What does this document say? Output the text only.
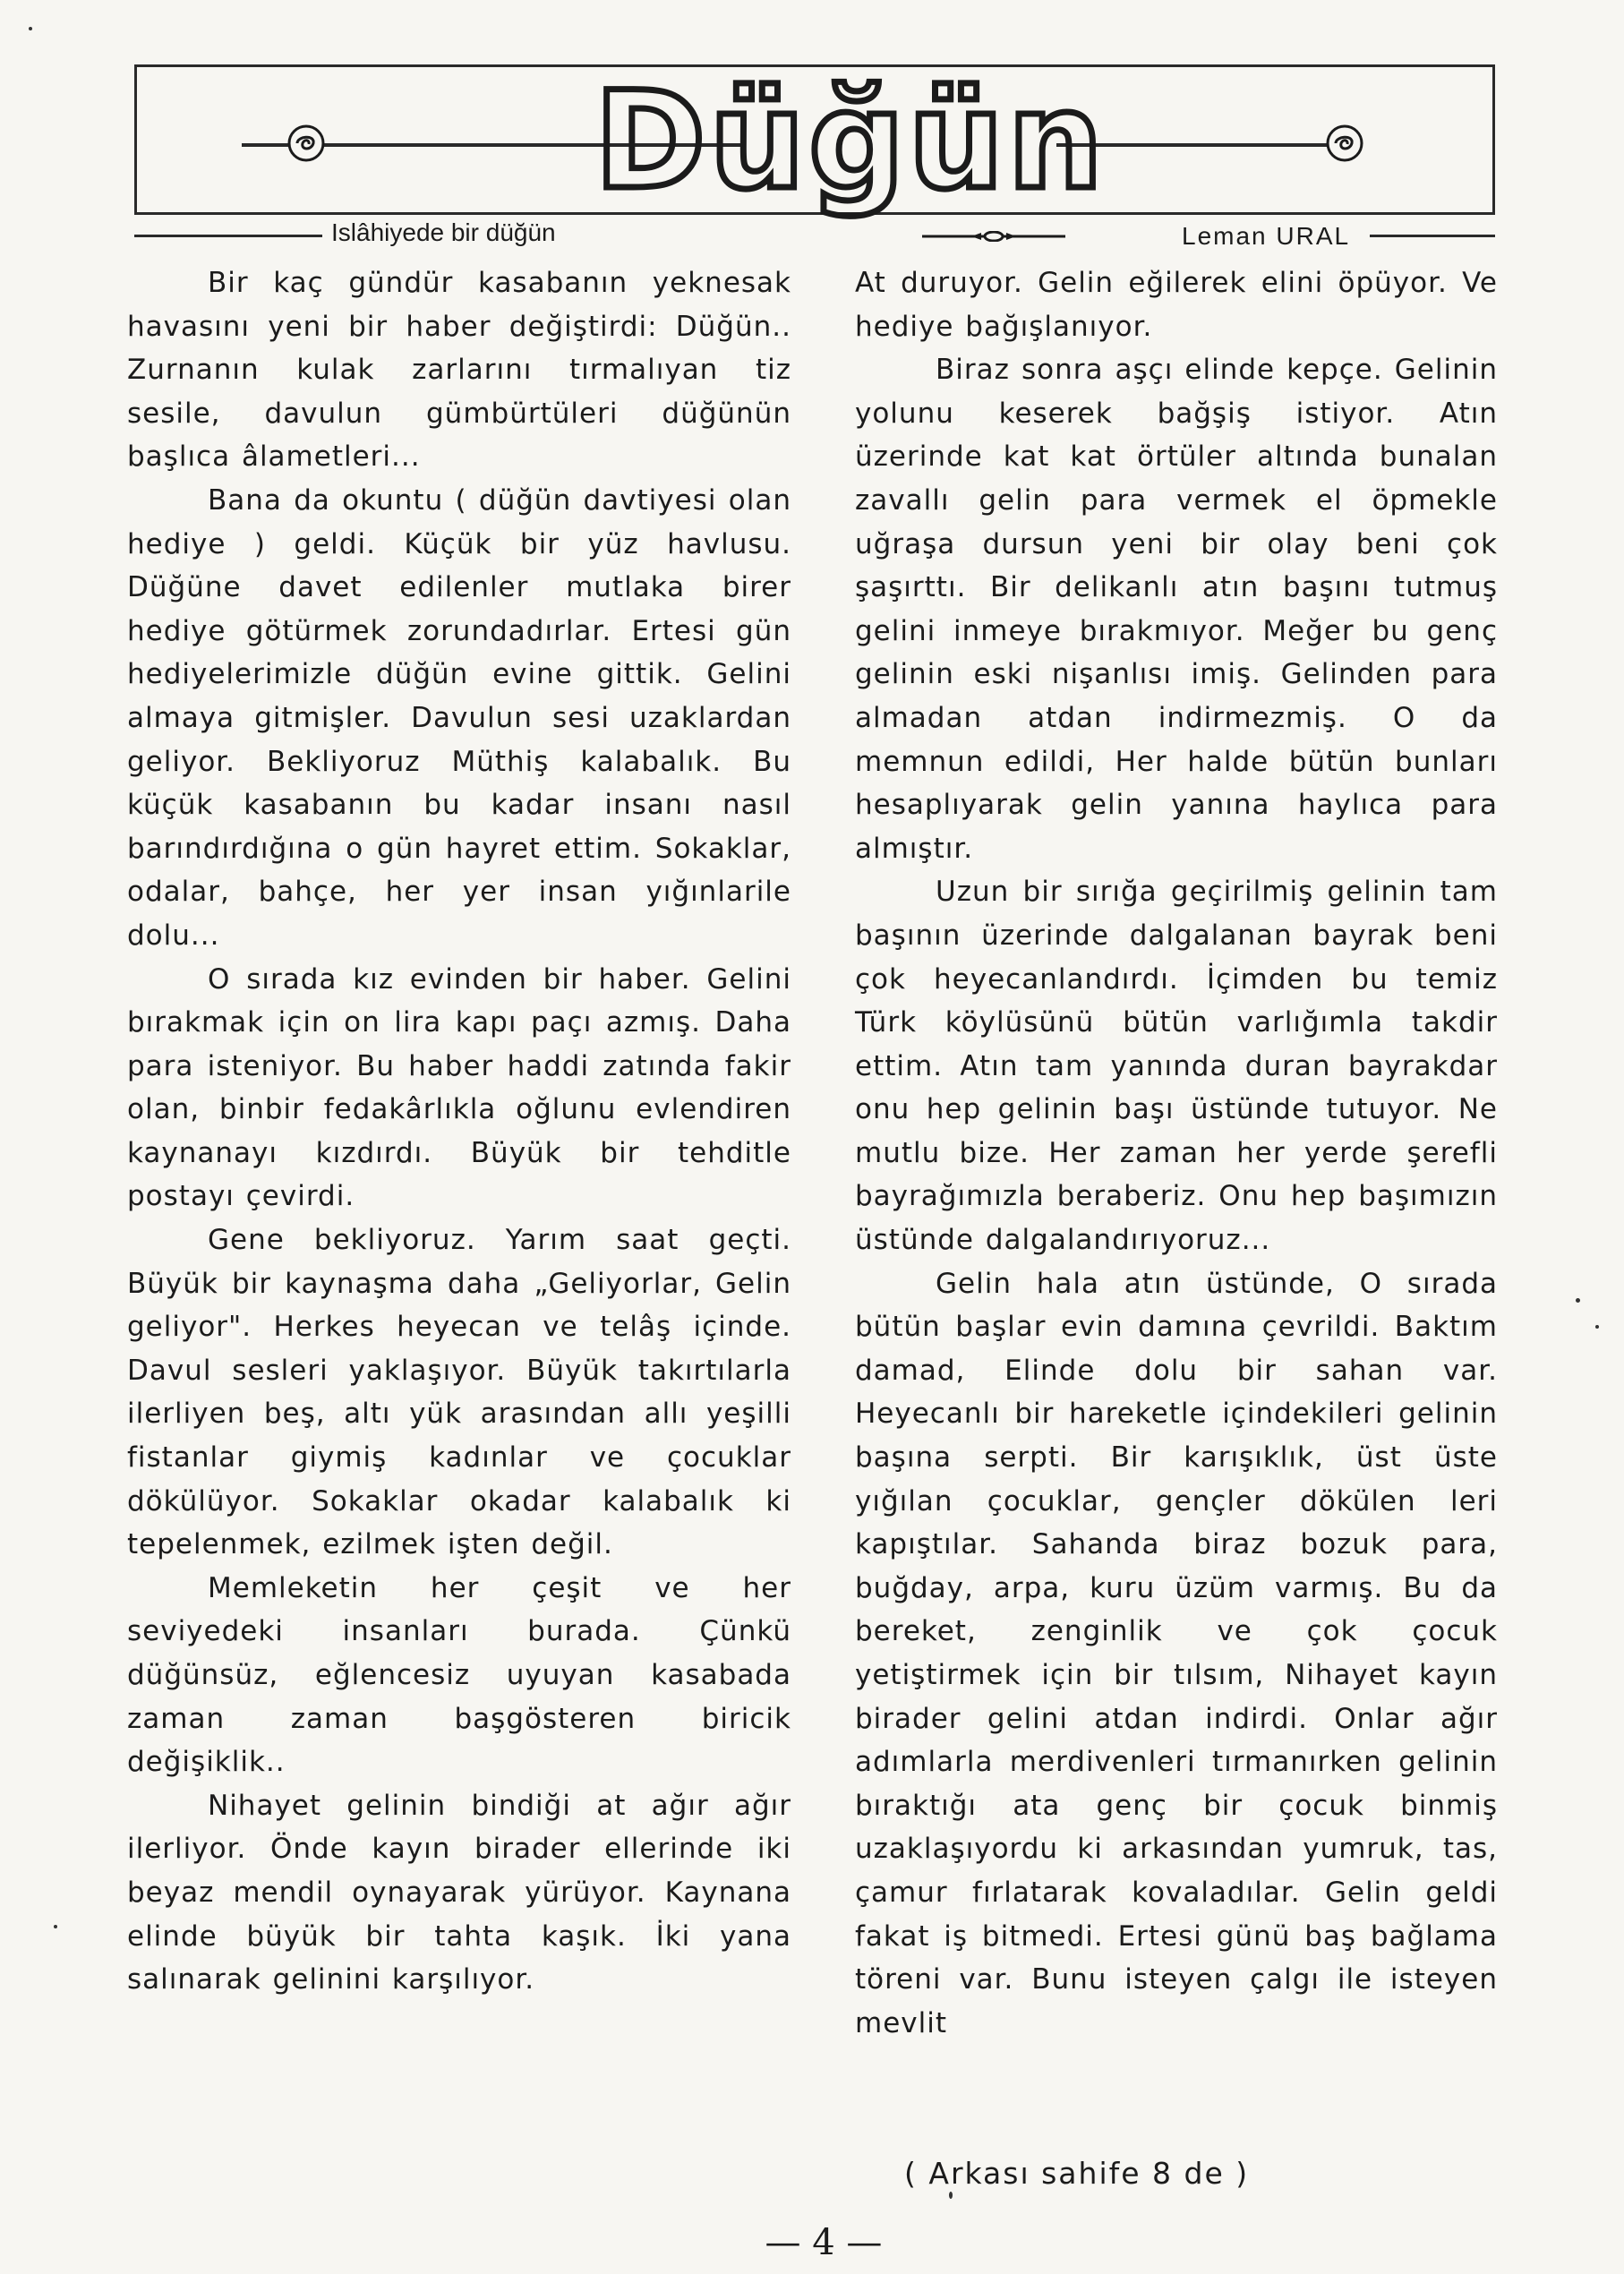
Düğün
Islâhiyede bir düğün	Leman URAL

Bir kaç gündür kasabanın yeknesak havasını yeni bir haber değiştirdi: Düğün.. Zurnanın kulak zarlarını tırmalıyan tiz sesile, davulun gümbürtüleri düğünün başlıca âlametleri...

Bana da okuntu ( düğün davtiyesi olan hediye ) geldi. Küçük bir yüz havlusu. Düğüne davet edilenler mutlaka birer hediye götürmek zorundadırlar. Ertesi gün hediyelerimizle düğün evine gittik. Gelini almaya gitmişler. Davulun sesi uzaklardan geliyor. Bekliyoruz Müthiş kalabalık. Bu küçük kasabanın bu kadar insanı nasıl barındırdığına o gün hayret ettim. Sokaklar, odalar, bahçe, her yer insan yığınlarile dolu...

O sırada kız evinden bir haber. Gelini bırakmak için on lira kapı paçı azmış. Daha para isteniyor. Bu haber haddi zatında fakir olan, binbir fedakârlıkla oğlunu evlendiren kaynanayı kızdırdı. Büyük bir tehditle postayı çevirdi.

Gene bekliyoruz. Yarım saat geçti. Büyük bir kaynaşma daha „Geliyorlar, Gelin geliyor". Herkes heyecan ve telâş içinde. Davul sesleri yaklaşıyor. Büyük takırtılarla ilerliyen beş, altı yük arasından allı yeşilli fistanlar giymiş kadınlar ve çocuklar dökülüyor. Sokaklar okadar kalabalık ki tepelenmek, ezilmek işten değil.

Memleketin her çeşit ve her seviyedeki insanları burada. Çünkü düğünsüz, eğlencesiz uyuyan kasabada zaman zaman başgösteren biricik değişiklik..

Nihayet gelinin bindiği at ağır ağır ilerliyor. Önde kayın birader ellerinde iki beyaz mendil oynayarak yürüyor. Kaynana elinde büyük bir tahta kaşık. İki yana salınarak gelinini karşılıyor.

At duruyor. Gelin eğilerek elini öpüyor. Ve hediye bağışlanıyor.

Biraz sonra aşçı elinde kepçe. Gelinin yolunu keserek bağşiş istiyor. Atın üzerinde kat kat örtüler altında bunalan zavallı gelin para vermek el öpmekle uğraşa dursun yeni bir olay beni çok şaşırttı. Bir delikanlı atın başını tutmuş gelini inmeye bırakmıyor. Meğer bu genç gelinin eski nişanlısı imiş. Gelinden para almadan atdan indirmezmiş. O da memnun edildi, Her halde bütün bunları hesaplıyarak gelin yanına haylıca para almıştır.

Uzun bir sırığa geçirilmiş gelinin tam başının üzerinde dalgalanan bayrak beni çok heyecanlandırdı. İçimden bu temiz Türk köylüsünü bütün varlığımla takdir ettim. Atın tam yanında duran bayrakdar onu hep gelinin başı üstünde tutuyor. Ne mutlu bize. Her zaman her yerde şerefli bayrağımızla beraberiz. Onu hep başımızın üstünde dalgalandırıyoruz...

Gelin hala atın üstünde, O sırada bütün başlar evin damına çevrildi. Baktım damad, Elinde dolu bir sahan var. Heyecanlı bir hareketle içindekileri gelinin başına serpti. Bir karışıklık, üst üste yığılan çocuklar, gençler dökülen leri kapıştılar. Sahanda biraz bozuk para, buğday, arpa, kuru üzüm varmış. Bu da bereket, zenginlik ve çok çocuk yetiştirmek için bir tılsım, Nihayet kayın birader gelini atdan indirdi. Onlar ağır adımlarla merdivenleri tırmanırken gelinin bıraktığı ata genç bir çocuk binmiş uzaklaşıyordu ki arkasından yumruk, tas, çamur fırlatarak kovaladılar. Gelin geldi fakat iş bitmedi. Ertesi günü baş bağlama töreni var. Bunu isteyen çalgı ile isteyen mevlit

( Arkası sahife 8 de )
— 4 —
